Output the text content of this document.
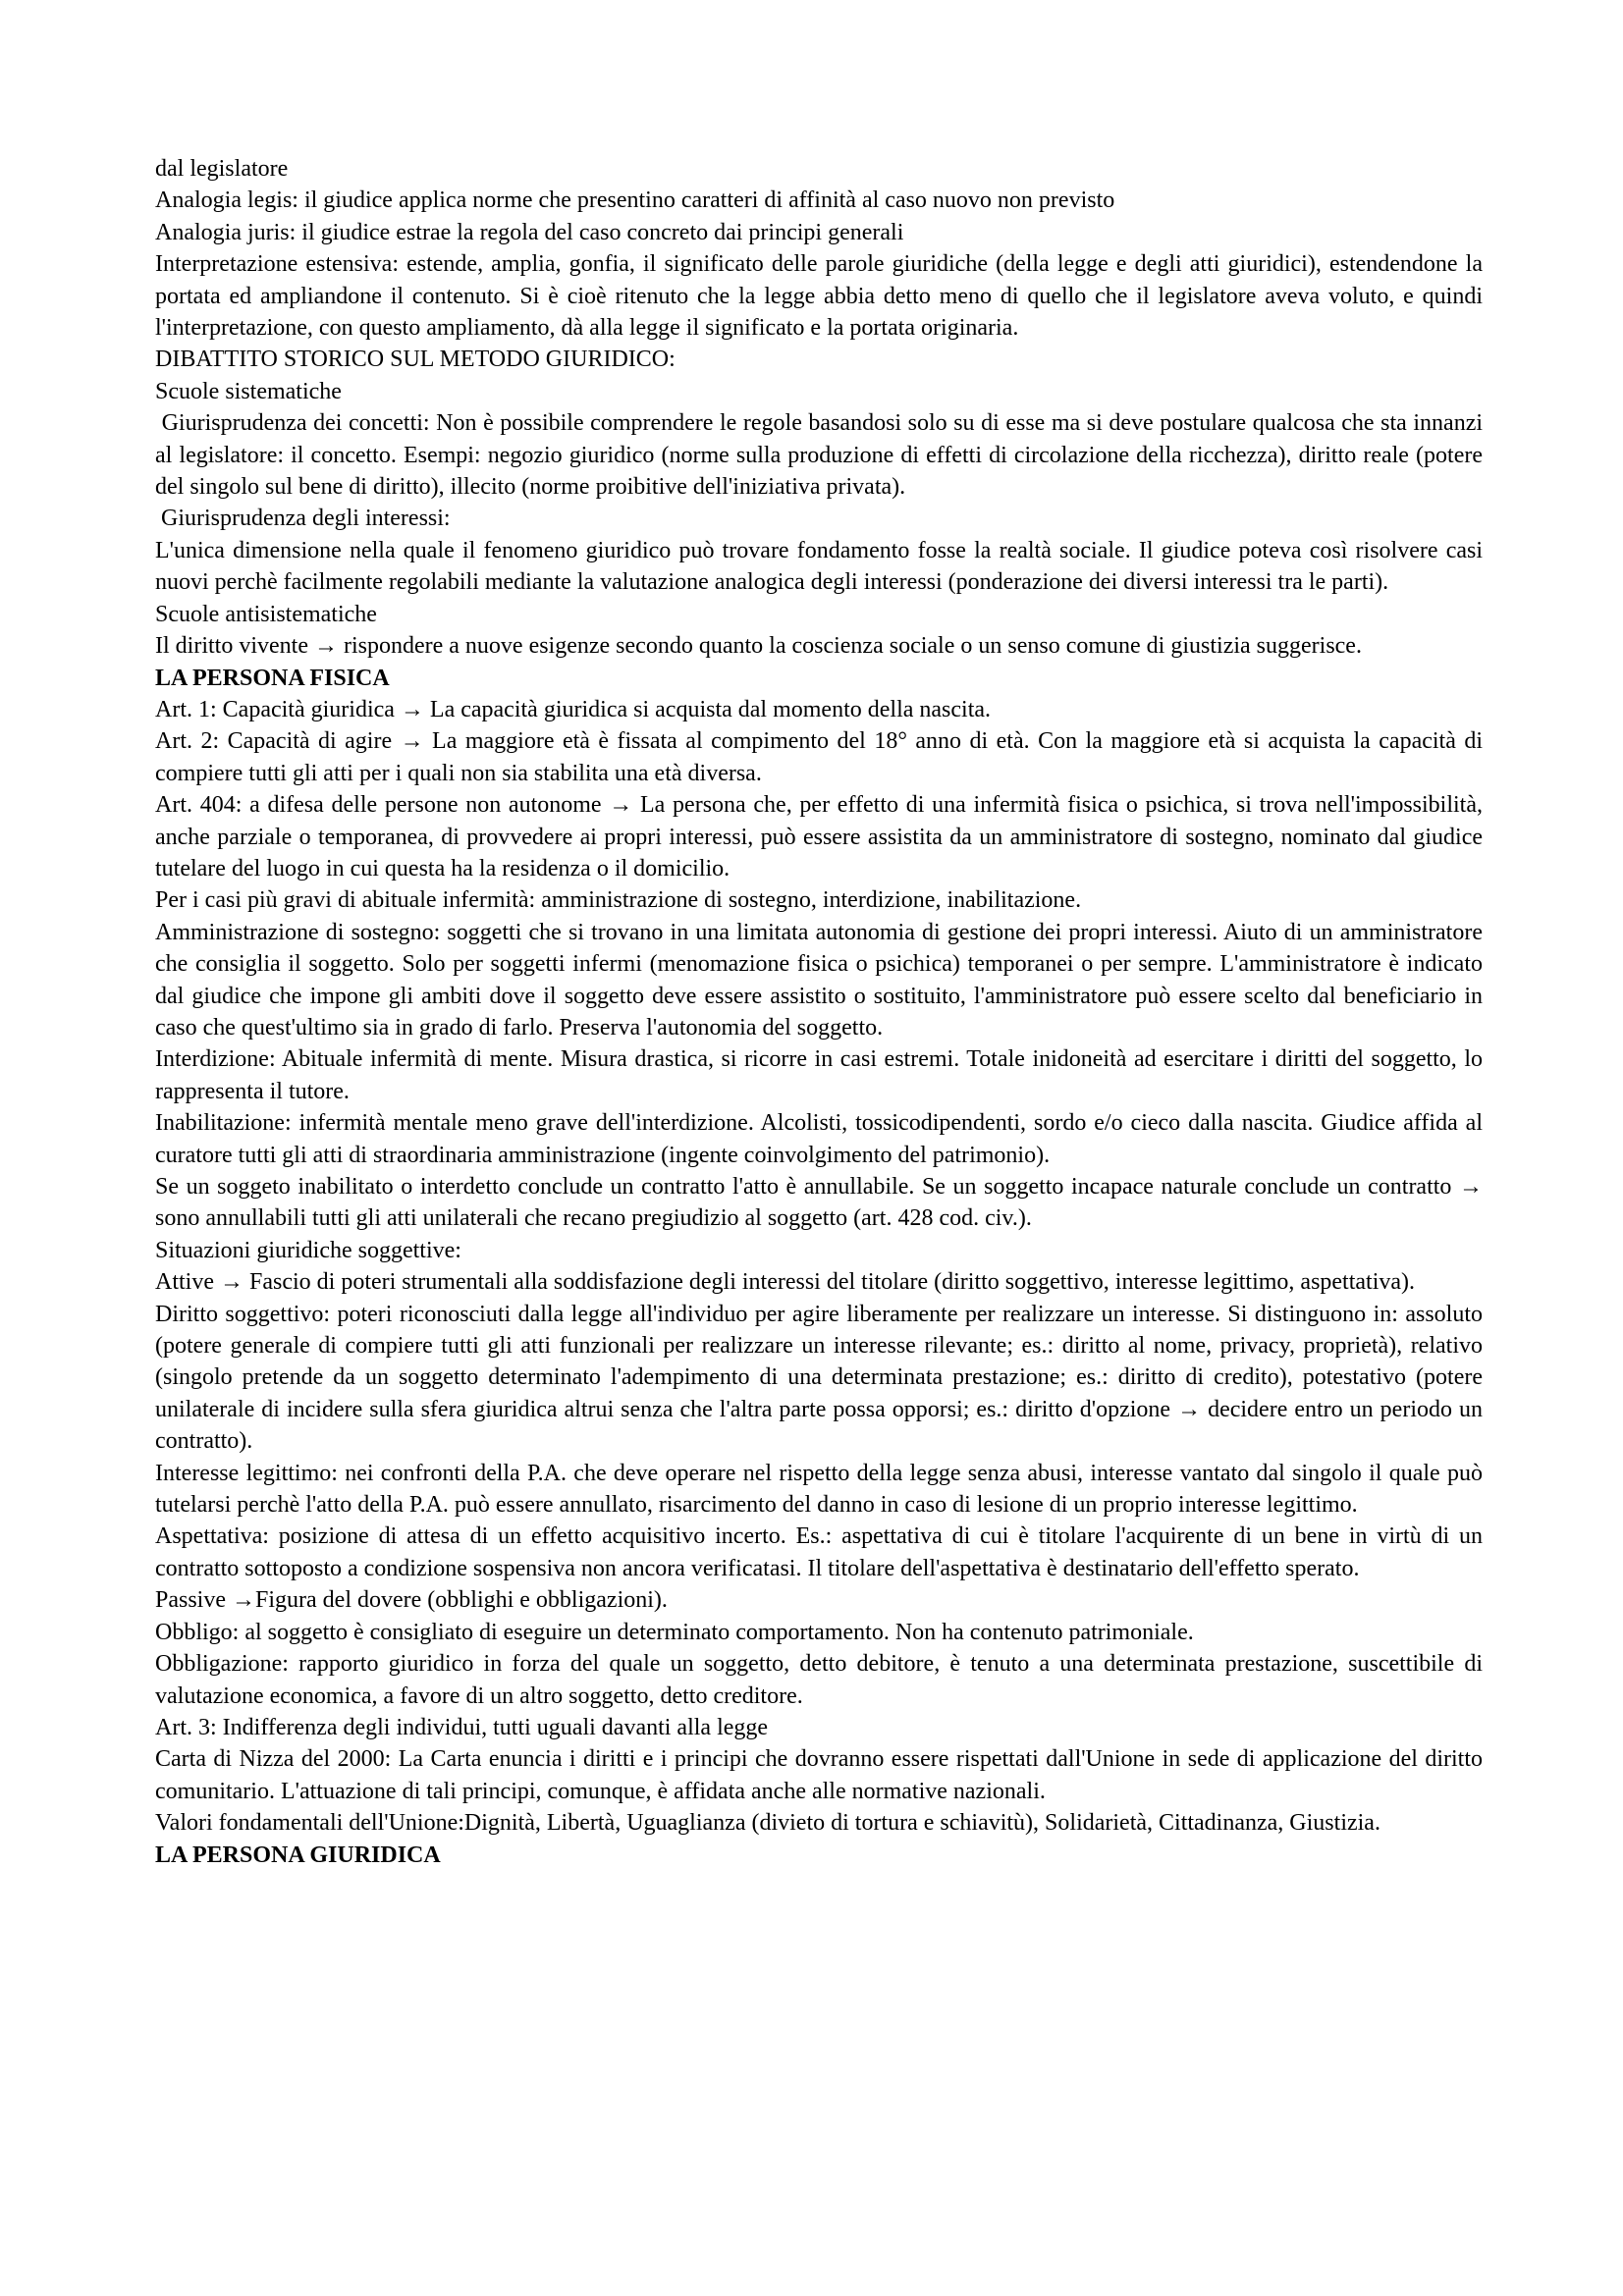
dal legislatore

Analogia legis: il giudice applica norme che presentino caratteri di affinità al caso nuovo non previsto

Analogia juris: il giudice estrae la regola del caso concreto dai principi generali

Interpretazione estensiva: estende, amplia, gonfia, il significato delle parole giuridiche (della legge e degli atti giuridici), estendendone la portata ed ampliandone il contenuto. Si è cioè ritenuto che la legge abbia detto meno di quello che il legislatore aveva voluto, e quindi l'interpretazione, con questo ampliamento, dà alla legge il significato e la portata originaria.

DIBATTITO STORICO SUL METODO GIURIDICO:

Scuole sistematiche

Giurisprudenza dei concetti: Non è possibile comprendere le regole basandosi solo su di esse ma si deve postulare qualcosa che sta innanzi al legislatore: il concetto. Esempi: negozio giuridico (norme sulla produzione di effetti di circolazione della ricchezza), diritto reale (potere del singolo sul bene di diritto), illecito (norme proibitive dell'iniziativa privata).

Giurisprudenza degli interessi:

L'unica dimensione nella quale il fenomeno giuridico può trovare fondamento fosse la realtà sociale. Il giudice poteva così risolvere casi nuovi perchè facilmente regolabili mediante la valutazione analogica degli interessi (ponderazione dei diversi interessi tra le parti).

Scuole antisistematiche

Il diritto vivente → rispondere a nuove esigenze secondo quanto la coscienza sociale o un senso comune di giustizia suggerisce.

LA PERSONA FISICA

Art. 1: Capacità giuridica → La capacità giuridica si acquista dal momento della nascita.

Art. 2: Capacità di agire → La maggiore età è fissata al compimento del 18° anno di età. Con la maggiore età si acquista la capacità di compiere tutti gli atti per i quali non sia stabilita una età diversa.

Art. 404: a difesa delle persone non autonome → La persona che, per effetto di una infermità fisica o psichica, si trova nell'impossibilità, anche parziale o temporanea, di provvedere ai propri interessi, può essere assistita da un amministratore di sostegno, nominato dal giudice tutelare del luogo in cui questa ha la residenza o il domicilio.

Per i casi più gravi di abituale infermità: amministrazione di sostegno, interdizione, inabilitazione.

Amministrazione di sostegno: soggetti che si trovano in una limitata autonomia di gestione dei propri interessi. Aiuto di un amministratore che consiglia il soggetto. Solo per soggetti infermi (menomazione fisica o psichica) temporanei o per sempre. L'amministratore è indicato dal giudice che impone gli ambiti dove il soggetto deve essere assistito o sostituito, l'amministratore può essere scelto dal beneficiario in caso che quest'ultimo sia in grado di farlo. Preserva l'autonomia del soggetto.

Interdizione: Abituale infermità di mente. Misura drastica, si ricorre in casi estremi. Totale inidoneità ad esercitare i diritti del soggetto, lo rappresenta il tutore.

Inabilitazione: infermità mentale meno grave dell'interdizione. Alcolisti, tossicodipendenti, sordo e/o cieco dalla nascita. Giudice affida al curatore tutti gli atti di straordinaria amministrazione (ingente coinvolgimento del patrimonio).

Se un soggeto inabilitato o interdetto conclude un contratto l'atto è annullabile. Se un soggetto incapace naturale conclude un contratto → sono annullabili tutti gli atti unilaterali che recano pregiudizio al soggetto (art. 428 cod. civ.).

Situazioni giuridiche soggettive:

Attive → Fascio di poteri strumentali alla soddisfazione degli interessi del titolare (diritto soggettivo, interesse legittimo, aspettativa).

Diritto soggettivo: poteri riconosciuti dalla legge all'individuo per agire liberamente per realizzare un interesse. Si distinguono in: assoluto (potere generale di compiere tutti gli atti funzionali per realizzare un interesse rilevante; es.: diritto al nome, privacy, proprietà), relativo (singolo pretende da un soggetto determinato l'adempimento di una determinata prestazione; es.: diritto di credito), potestativo (potere unilaterale di incidere sulla sfera giuridica altrui senza che l'altra parte possa opporsi; es.: diritto d'opzione → decidere entro un periodo un contratto).

Interesse legittimo: nei confronti della P.A. che deve operare nel rispetto della legge senza abusi, interesse vantato dal singolo il quale può tutelarsi perchè l'atto della P.A. può essere annullato, risarcimento del danno in caso di lesione di un proprio interesse legittimo.

Aspettativa: posizione di attesa di un effetto acquisitivo incerto. Es.: aspettativa di cui è titolare l'acquirente di un bene in virtù di un contratto sottoposto a condizione sospensiva non ancora verificatasi. Il titolare dell'aspettativa è destinatario dell'effetto sperato.

Passive →Figura del dovere (obblighi e obbligazioni).

Obbligo: al soggetto è consigliato di eseguire un determinato comportamento. Non ha contenuto patrimoniale.

Obbligazione: rapporto giuridico in forza del quale un soggetto, detto debitore, è tenuto a una determinata prestazione, suscettibile di valutazione economica, a favore di un altro soggetto, detto creditore.

Art. 3: Indifferenza degli individui, tutti uguali davanti alla legge

Carta di Nizza del 2000: La Carta enuncia i diritti e i principi che dovranno essere rispettati dall'Unione in sede di applicazione del diritto comunitario. L'attuazione di tali principi, comunque, è affidata anche alle normative nazionali.

Valori fondamentali dell'Unione:Dignità, Libertà, Uguaglianza (divieto di tortura e schiavitù), Solidarietà, Cittadinanza, Giustizia.

LA PERSONA GIURIDICA
